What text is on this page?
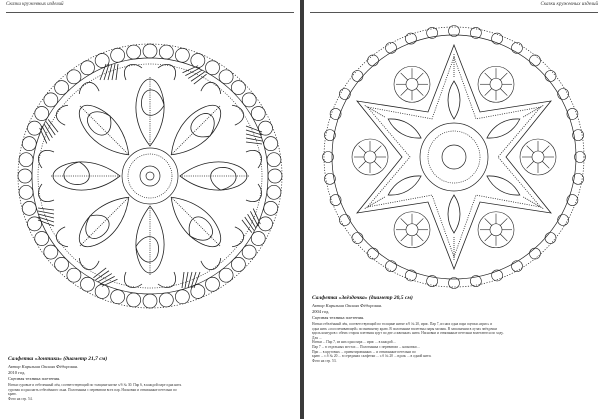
Сказки кружевных изделий
Салфетка «Зонтики» (диаметр 21,7 см)
Автор Кирилина Оксана Фёдоровна.
2010 год.
Сцепная техника плетения.
Нитки суровые и отбеленный лён, соответствующий по толщине нитке х/б № 30. Пар 6, в каждой паре одна нить
суровая и одна нить отбелённого льна. Полотнянка с перевивом всех пар. Насновки и отвязанные петельки по
краю.
Фото на стр. 54.
Сказки кружевных изделий
Салфетка «Звёздочка» (диаметр 20,5 см)
Автор Кирилина Оксана Фёдоровна.
2004 год.
Сцепная техника плетения.
Нитки отбелённый лён, соответствующий по толщине нитке х/б № 20, ирис. Пар 7, из них одна пара сцепки «ирис» и
одна нить «ососпечивающей» по внешнему краю. В полотнянке вплетены пары мозаик. В заполнении в лучах звёздочки
вдоль контуров с обеих сторон плетения идут по две «сквозные» нити. Насновки и отвязанные петельки вплетаются по ходу.
Для ...
Нитки ... Пар 7, из них одна пара ... ирис ... в каждой ...
Пар 7 ... в отдельных местах ... Полотнянка с перевивом ... насновки ...
При ... в круговых ... ориентированных ... и отвязанные петельки по
краю ... с.б № 20 ... в серединах салфетки ... с.б № 20 ... вдоль ... в одной нити.
Фото на стр. 53.
